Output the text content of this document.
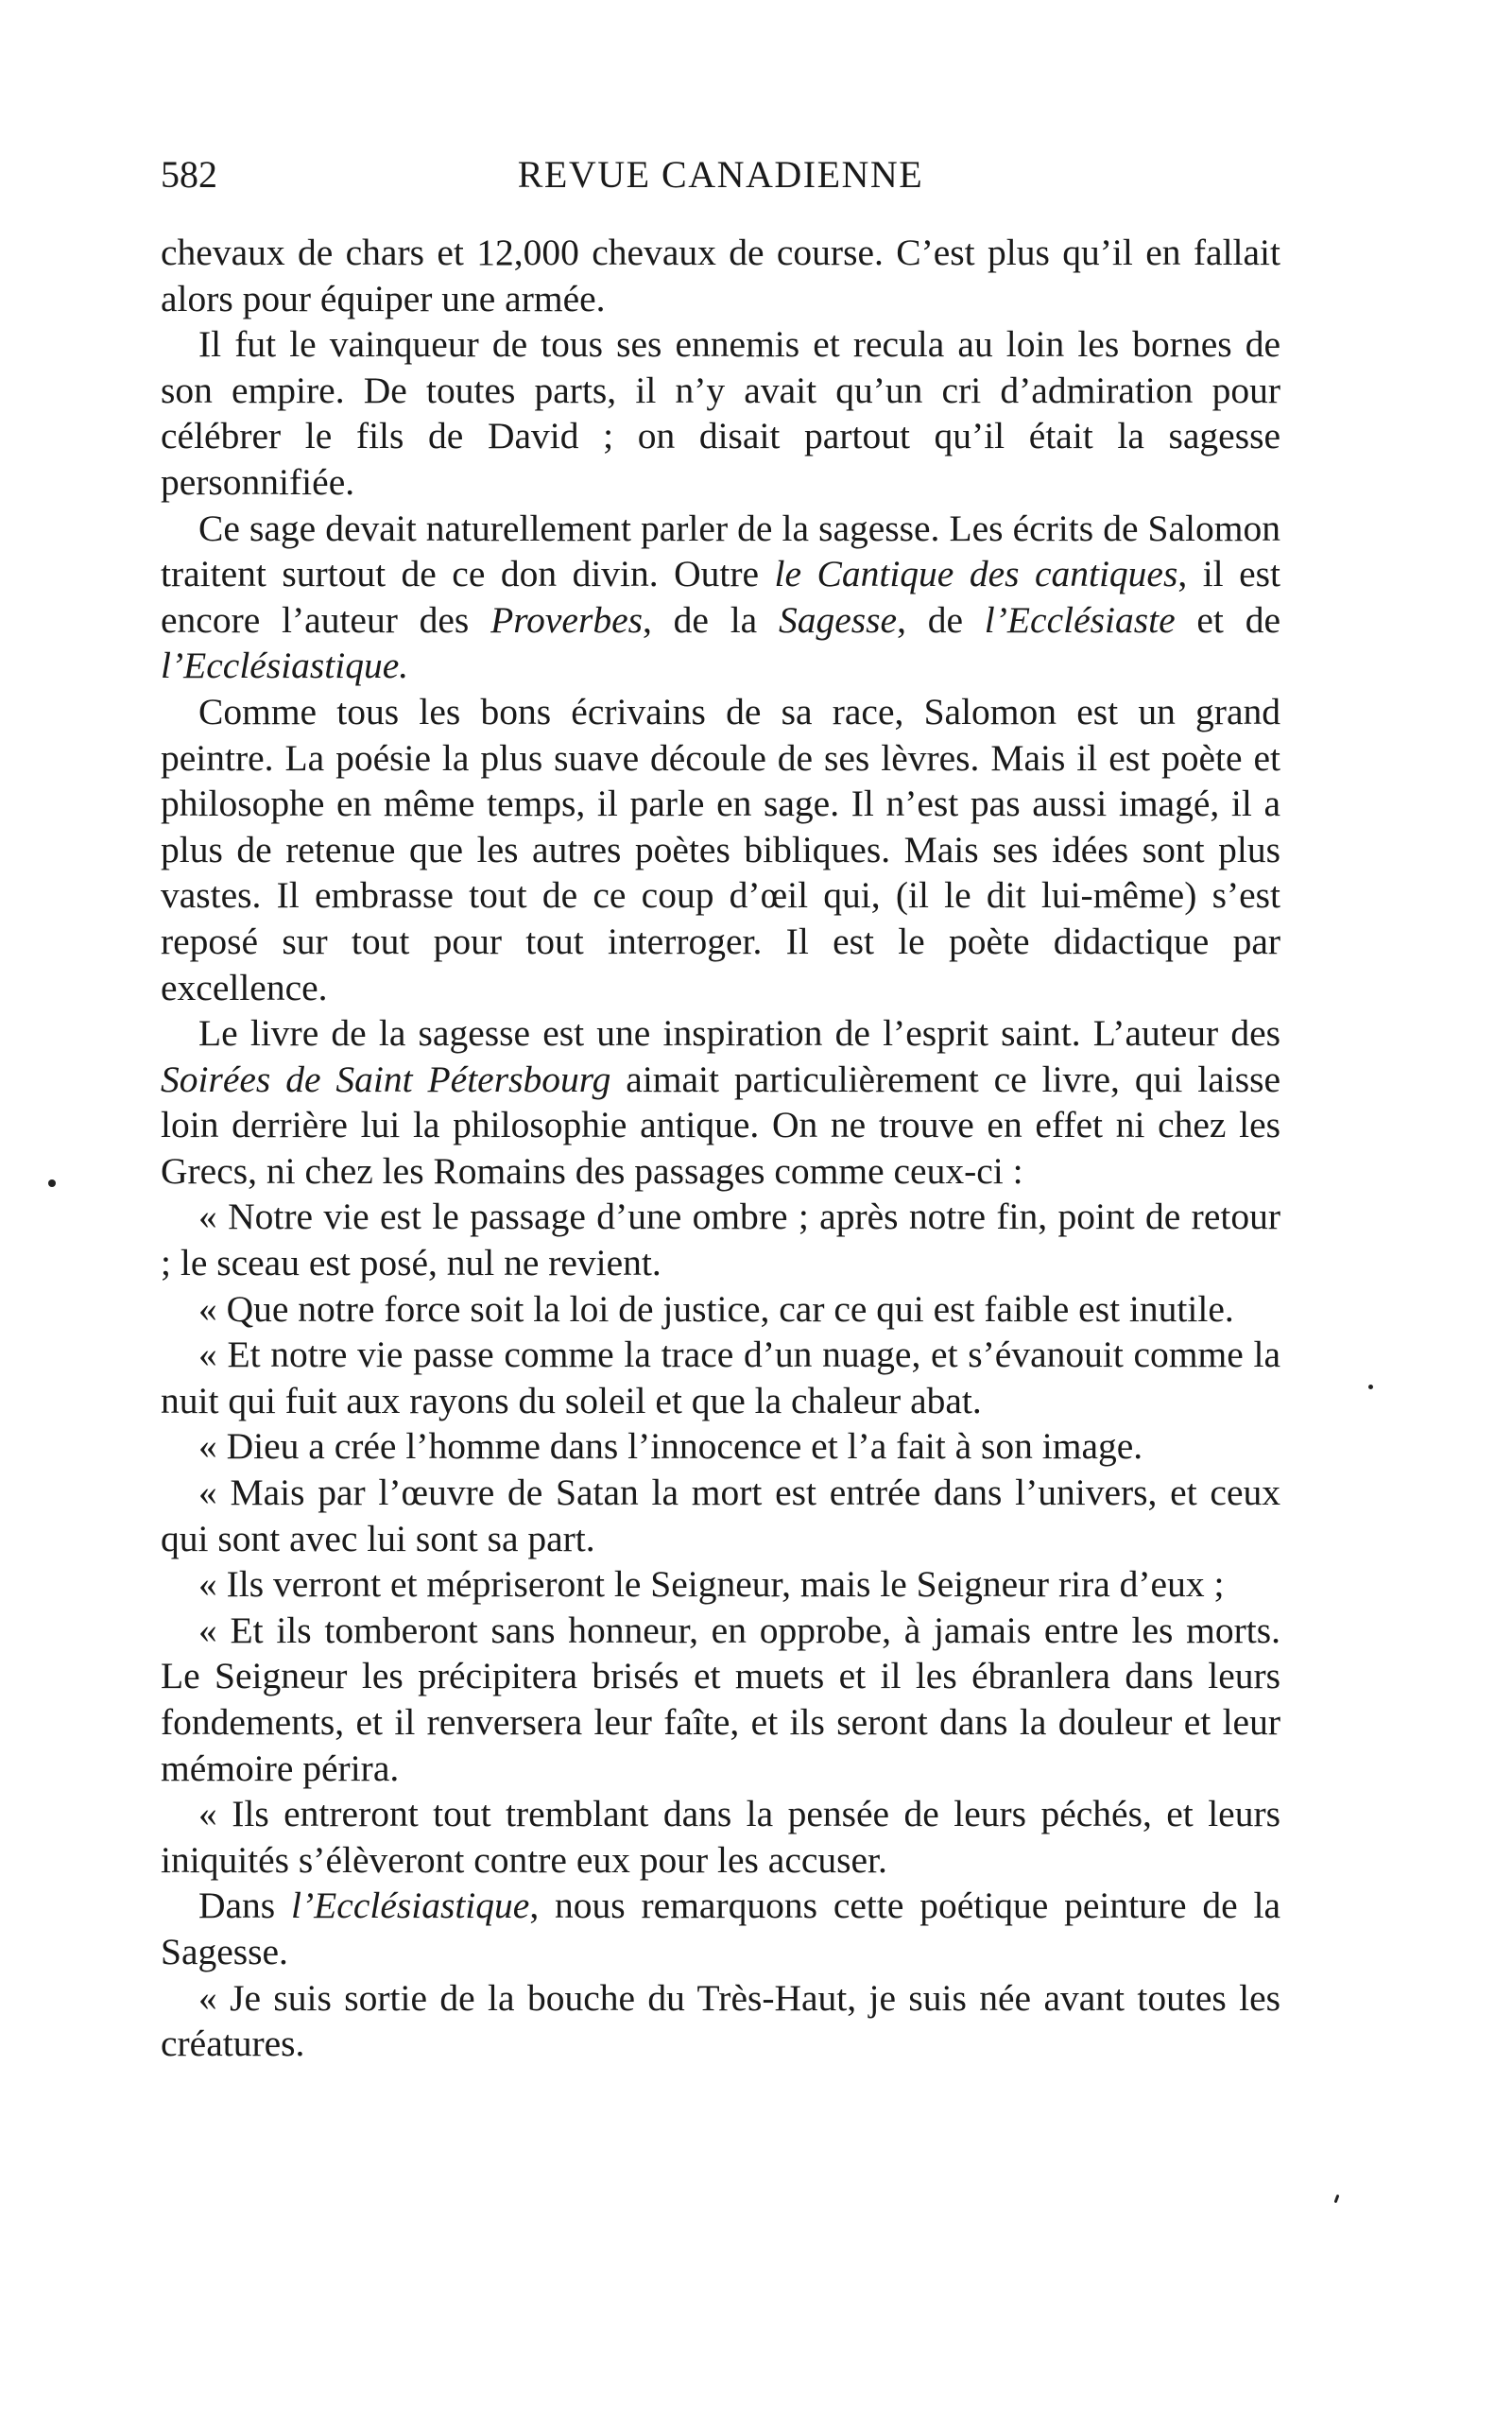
582	REVUE CANADIENNE

chevaux de chars et 12,000 chevaux de course. C’est plus qu’il en fallait alors pour équiper une armée.

Il fut le vainqueur de tous ses ennemis et recula au loin les bornes de son empire. De toutes parts, il n’y avait qu’un cri d’admiration pour célébrer le fils de David ; on disait partout qu’il était la sagesse personnifiée.

Ce sage devait naturellement parler de la sagesse. Les écrits de Salomon traitent surtout de ce don divin. Outre le Cantique des cantiques, il est encore l’auteur des Proverbes, de la Sagesse, de l’Ecclésiaste et de l’Ecclésiastique.

Comme tous les bons écrivains de sa race, Salomon est un grand peintre. La poésie la plus suave découle de ses lèvres. Mais il est poète et philosophe en même temps, il parle en sage. Il n’est pas aussi imagé, il a plus de retenue que les autres poètes bibliques. Mais ses idées sont plus vastes. Il embrasse tout de ce coup d’œil qui, (il le dit lui-même) s’est reposé sur tout pour tout interroger. Il est le poète didactique par excellence.

Le livre de la sagesse est une inspiration de l’esprit saint. L’auteur des Soirées de Saint Pétersbourg aimait particulièrement ce livre, qui laisse loin derrière lui la philosophie antique. On ne trouve en effet ni chez les Grecs, ni chez les Romains des passages comme ceux-ci :

« Notre vie est le passage d’une ombre ; après notre fin, point de retour ; le sceau est posé, nul ne revient.

« Que notre force soit la loi de justice, car ce qui est faible est inutile.

« Et notre vie passe comme la trace d’un nuage, et s’évanouit comme la nuit qui fuit aux rayons du soleil et que la chaleur abat.

« Dieu a crée l’homme dans l’innocence et l’a fait à son image.

« Mais par l’œuvre de Satan la mort est entrée dans l’univers, et ceux qui sont avec lui sont sa part.

« Ils verront et mépriseront le Seigneur, mais le Seigneur rira d’eux ;

« Et ils tomberont sans honneur, en opprobe, à jamais entre les morts. Le Seigneur les précipitera brisés et muets et il les ébranlera dans leurs fondements, et il renversera leur faîte, et ils seront dans la douleur et leur mémoire périra.

« Ils entreront tout tremblant dans la pensée de leurs péchés, et leurs iniquités s’élèveront contre eux pour les accuser.

Dans l’Ecclésiastique, nous remarquons cette poétique peinture de la Sagesse.

« Je suis sortie de la bouche du Très-Haut, je suis née avant toutes les créatures.
